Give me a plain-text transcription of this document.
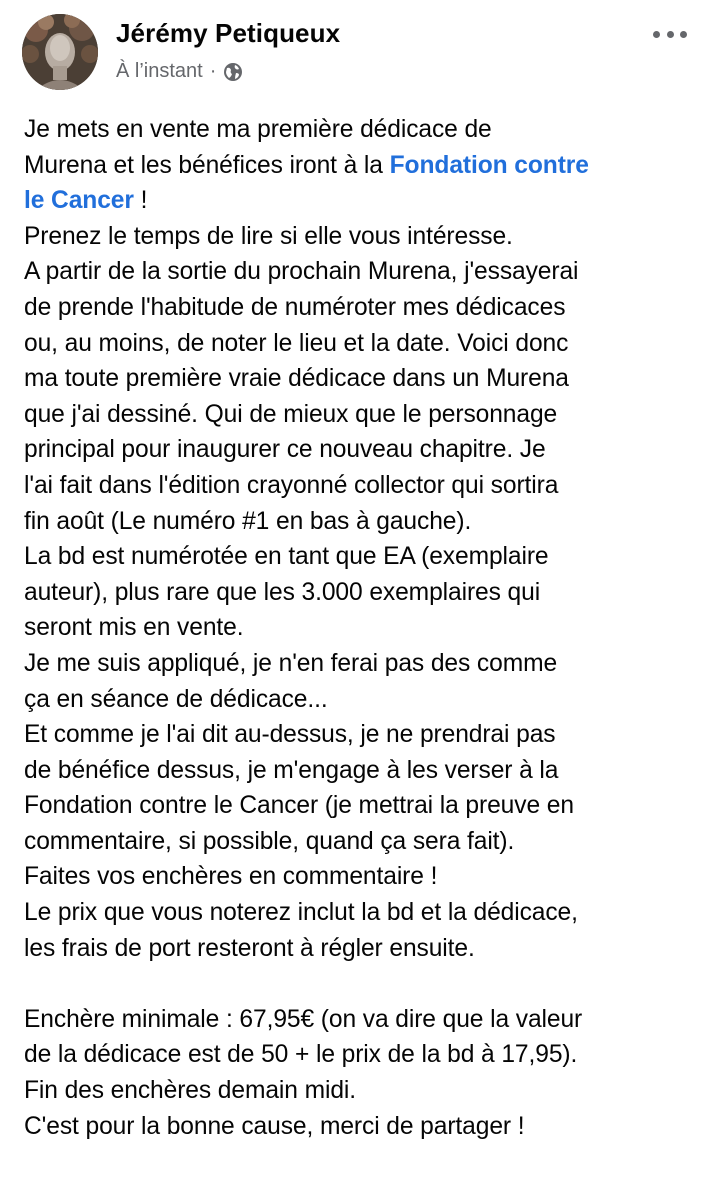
Jérémy Petiqueux
À l’instant ·
Je mets en vente ma première dédicace de
Murena et les bénéfices iront à la Fondation contre
le Cancer !
Prenez le temps de lire si elle vous intéresse.
A partir de la sortie du prochain Murena, j'essayerai
de prende l'habitude de numéroter mes dédicaces
ou, au moins, de noter le lieu et la date. Voici donc
ma toute première vraie dédicace dans un Murena
que j'ai dessiné. Qui de mieux que le personnage
principal pour inaugurer ce nouveau chapitre. Je
l'ai fait dans l'édition crayonné collector qui sortira
fin août (Le numéro #1 en bas à gauche).
La bd est numérotée en tant que EA (exemplaire
auteur), plus rare que les 3.000 exemplaires qui
seront mis en vente.
Je me suis appliqué, je n'en ferai pas des comme
ça en séance de dédicace...
Et comme je l'ai dit au-dessus, je ne prendrai pas
de bénéfice dessus, je m'engage à les verser à la
Fondation contre le Cancer (je mettrai la preuve en
commentaire, si possible, quand ça sera fait).
Faites vos enchères en commentaire !
Le prix que vous noterez inclut la bd et la dédicace,
les frais de port resteront à régler ensuite.
Enchère minimale : 67,95€ (on va dire que la valeur
de la dédicace est de 50 + le prix de la bd à 17,95).
Fin des enchères demain midi.
C'est pour la bonne cause, merci de partager !
